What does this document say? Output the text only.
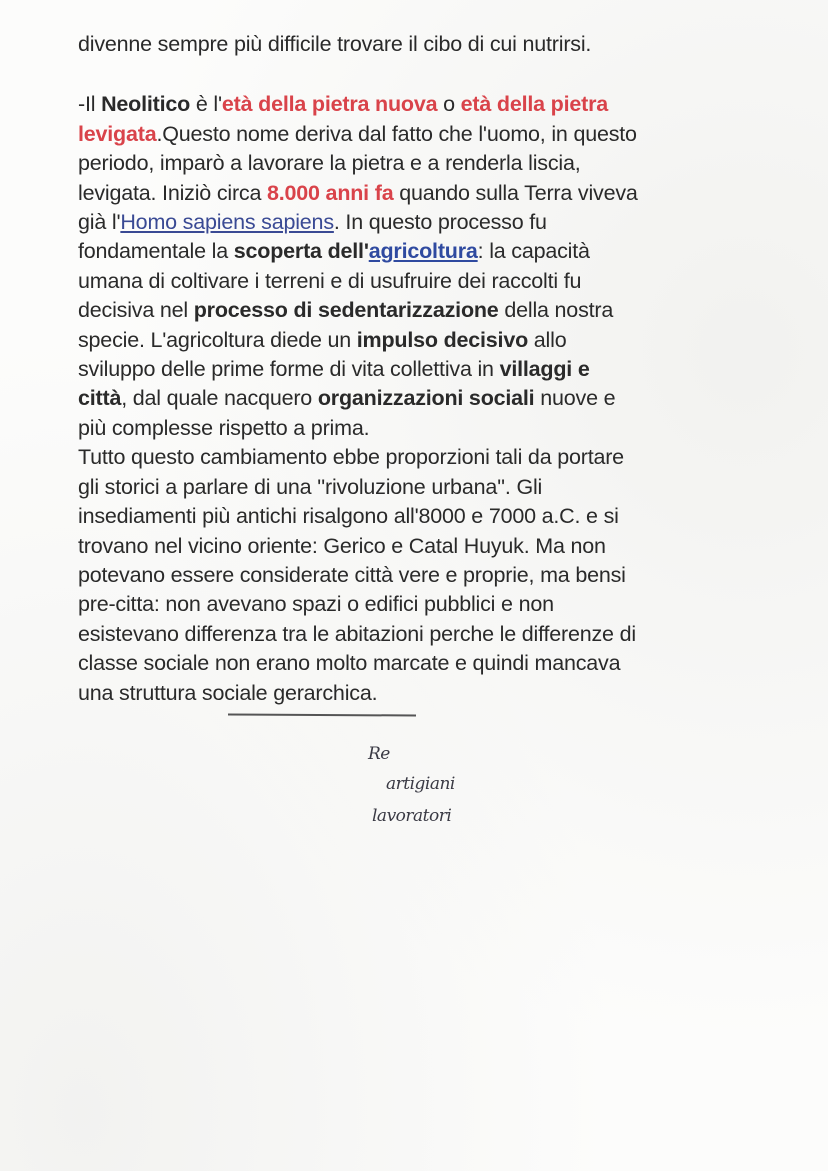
divenne sempre più difficile trovare il cibo di cui nutrirsi.
-Il Neolitico è l'età della pietra nuova o età della pietra
levigata.Questo nome deriva dal fatto che l'uomo, in questo
periodo, imparò a lavorare la pietra e a renderla liscia,
levigata. Iniziò circa 8.000 anni fa quando sulla Terra viveva
già l'Homo sapiens sapiens. In questo processo fu
fondamentale la scoperta dell'agricoltura: la capacità
umana di coltivare i terreni e di usufruire dei raccolti fu
decisiva nel processo di sedentarizzazione della nostra
specie. L'agricoltura diede un impulso decisivo allo
sviluppo delle prime forme di vita collettiva in villaggi e
città, dal quale nacquero organizzazioni sociali nuove e
più complesse rispetto a prima.
Tutto questo cambiamento ebbe proporzioni tali da portare
gli storici a parlare di una ''rivoluzione urbana''. Gli
insediamenti più antichi risalgono all'8000 e 7000 a.C. e si
trovano nel vicino oriente: Gerico e Catal Huyuk. Ma non
potevano essere considerate città vere e proprie, ma bensi
pre-citta: non avevano spazi o edifici pubblici e non
esistevano differenza tra le abitazioni perche le differenze di
classe sociale non erano molto marcate e quindi mancava
una struttura sociale gerarchica.
Re
artigiani
lavoratori
